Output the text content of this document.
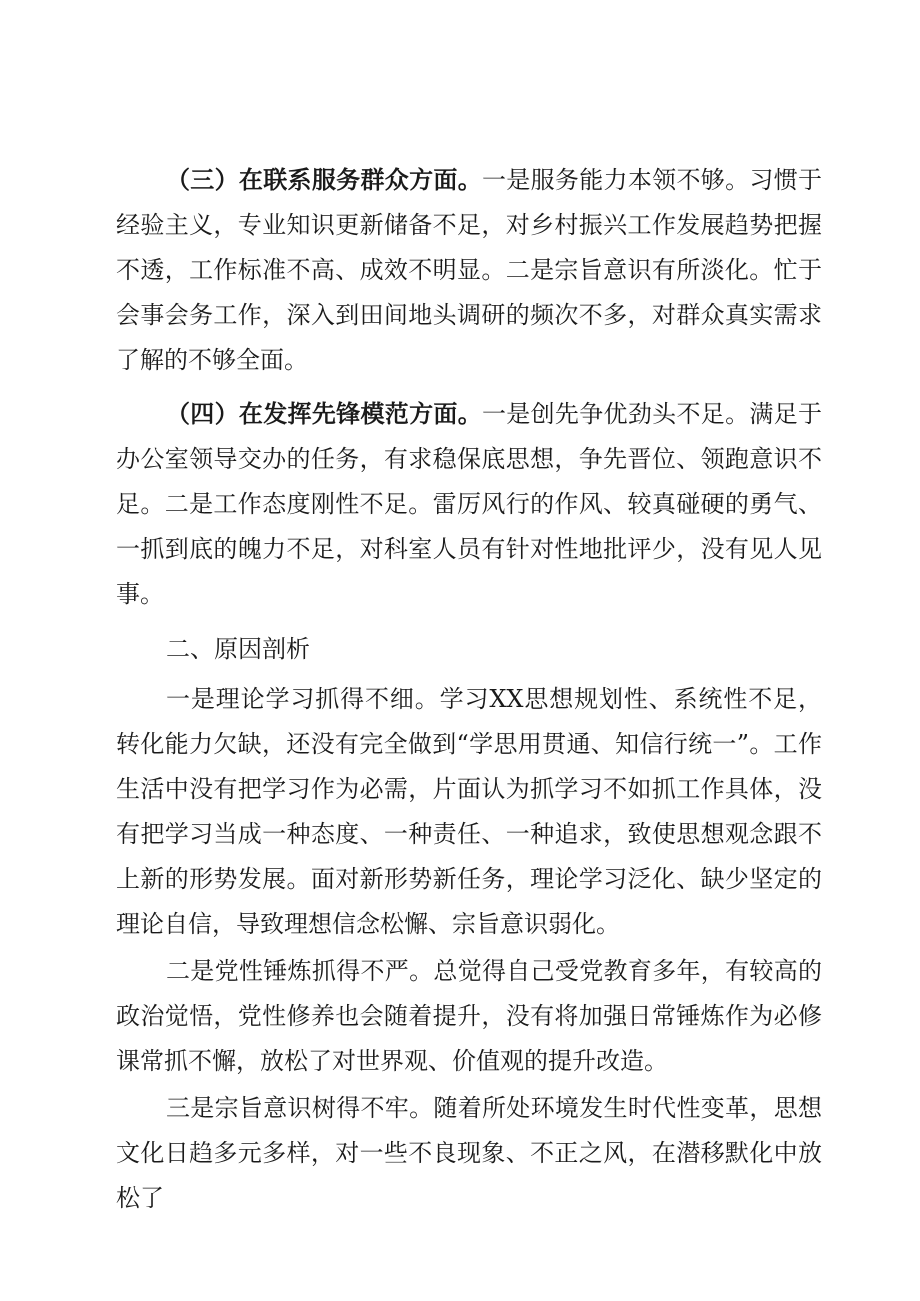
（三）在联系服务群众方面。一是服务能力本领不够。习惯于经验主义，专业知识更新储备不足，对乡村振兴工作发展趋势把握不透，工作标准不高、成效不明显。二是宗旨意识有所淡化。忙于会事会务工作，深入到田间地头调研的频次不多，对群众真实需求了解的不够全面。

（四）在发挥先锋模范方面。一是创先争优劲头不足。满足于办公室领导交办的任务，有求稳保底思想，争先晋位、领跑意识不足。二是工作态度刚性不足。雷厉风行的作风、较真碰硬的勇气、一抓到底的魄力不足，对科室人员有针对性地批评少，没有见人见事。

二、原因剖析

一是理论学习抓得不细。学习XX思想规划性、系统性不足，转化能力欠缺，还没有完全做到“学思用贯通、知信行统一”。工作生活中没有把学习作为必需，片面认为抓学习不如抓工作具体，没有把学习当成一种态度、一种责任、一种追求，致使思想观念跟不上新的形势发展。面对新形势新任务，理论学习泛化、缺少坚定的理论自信，导致理想信念松懈、宗旨意识弱化。

二是党性锤炼抓得不严。总觉得自己受党教育多年，有较高的政治觉悟，党性修养也会随着提升，没有将加强日常锤炼作为必修课常抓不懈，放松了对世界观、价值观的提升改造。

三是宗旨意识树得不牢。随着所处环境发生时代性变革，思想文化日趋多元多样，对一些不良现象、不正之风，在潜移默化中放松了
